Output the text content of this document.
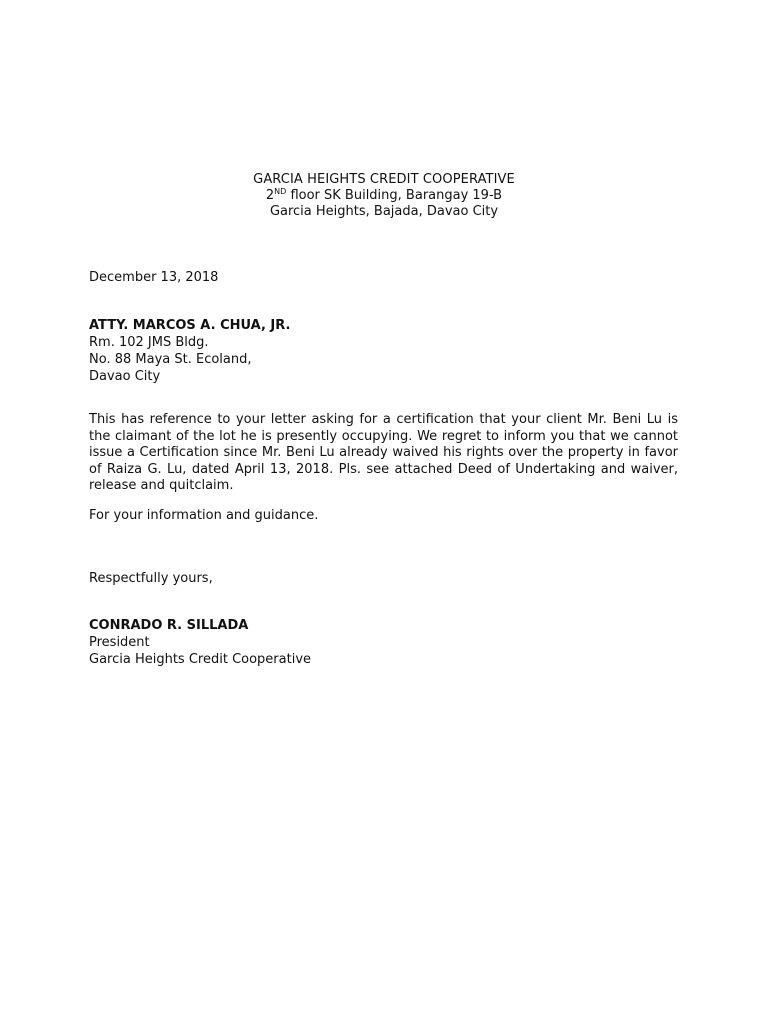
GARCIA HEIGHTS CREDIT COOPERATIVE
2ND floor SK Building, Barangay 19-B
Garcia Heights, Bajada, Davao City
December 13, 2018
ATTY. MARCOS A. CHUA, JR.
Rm. 102 JMS Bldg.
No. 88 Maya St. Ecoland,
Davao City
This has reference to your letter asking for a certification that your client Mr. Beni Lu is the claimant of the lot he is presently occupying. We regret to inform you that we cannot issue a Certification since Mr. Beni Lu already waived his rights over the property in favor of Raiza G. Lu, dated April 13, 2018. Pls. see attached Deed of Undertaking and waiver, release and quitclaim.
For your information and guidance.
Respectfully yours,
CONRADO R. SILLADA
President
Garcia Heights Credit Cooperative
